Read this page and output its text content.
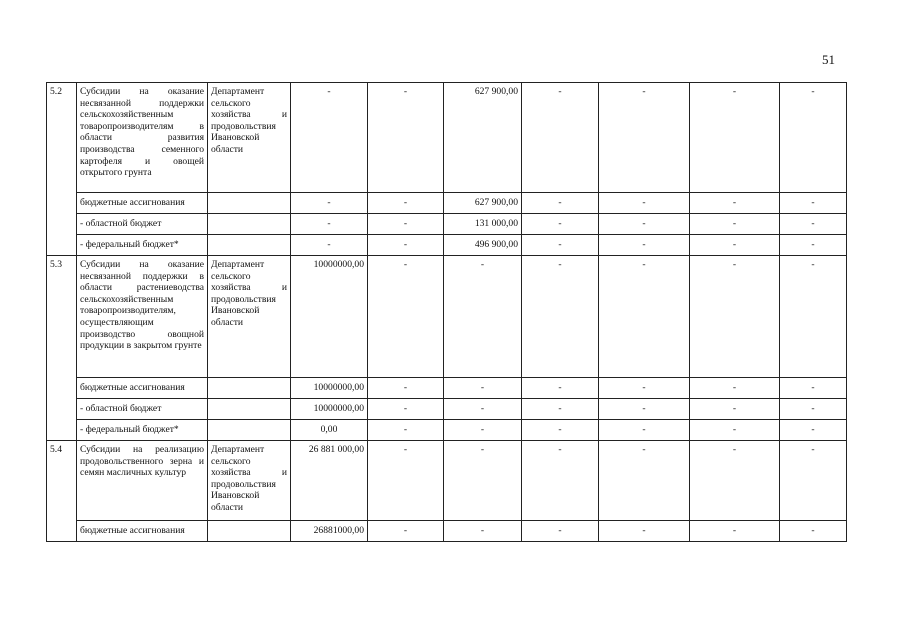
51
5.2	Субсидии на оказание несвязанной поддержки сельскохозяйственным товаропроизводителям в области развития производства семенного картофеля и овощей открытого грунта	Департамент сельского хозяйства и продовольствия Ивановской области	-	-	627 900,00	-	-	-	-
	бюджетные ассигнования		-	-	627 900,00	-	-	-	-
	- областной бюджет		-	-	131 000,00	-	-	-	-
	- федеральный бюджет*		-	-	496 900,00	-	-	-	-
5.3	Субсидии на оказание несвязанной поддержки в области растениеводства сельскохозяйственным товаропроизводителям, осуществляющим производство овощной продукции в закрытом грунте	Департамент сельского хозяйства и продовольствия Ивановской области	10000000,00	-	-	-	-	-	-
	бюджетные ассигнования		10000000,00	-	-	-	-	-	-
	- областной бюджет		10000000,00	-	-	-	-	-	-
	- федеральный бюджет*		0,00	-	-	-	-	-	-
5.4	Субсидии на реализацию продовольственного зерна и семян масличных культур	Департамент сельского хозяйства и продовольствия Ивановской области	26 881 000,00	-	-	-	-	-	-
	бюджетные ассигнования		26881000,00	-	-	-	-	-	-
